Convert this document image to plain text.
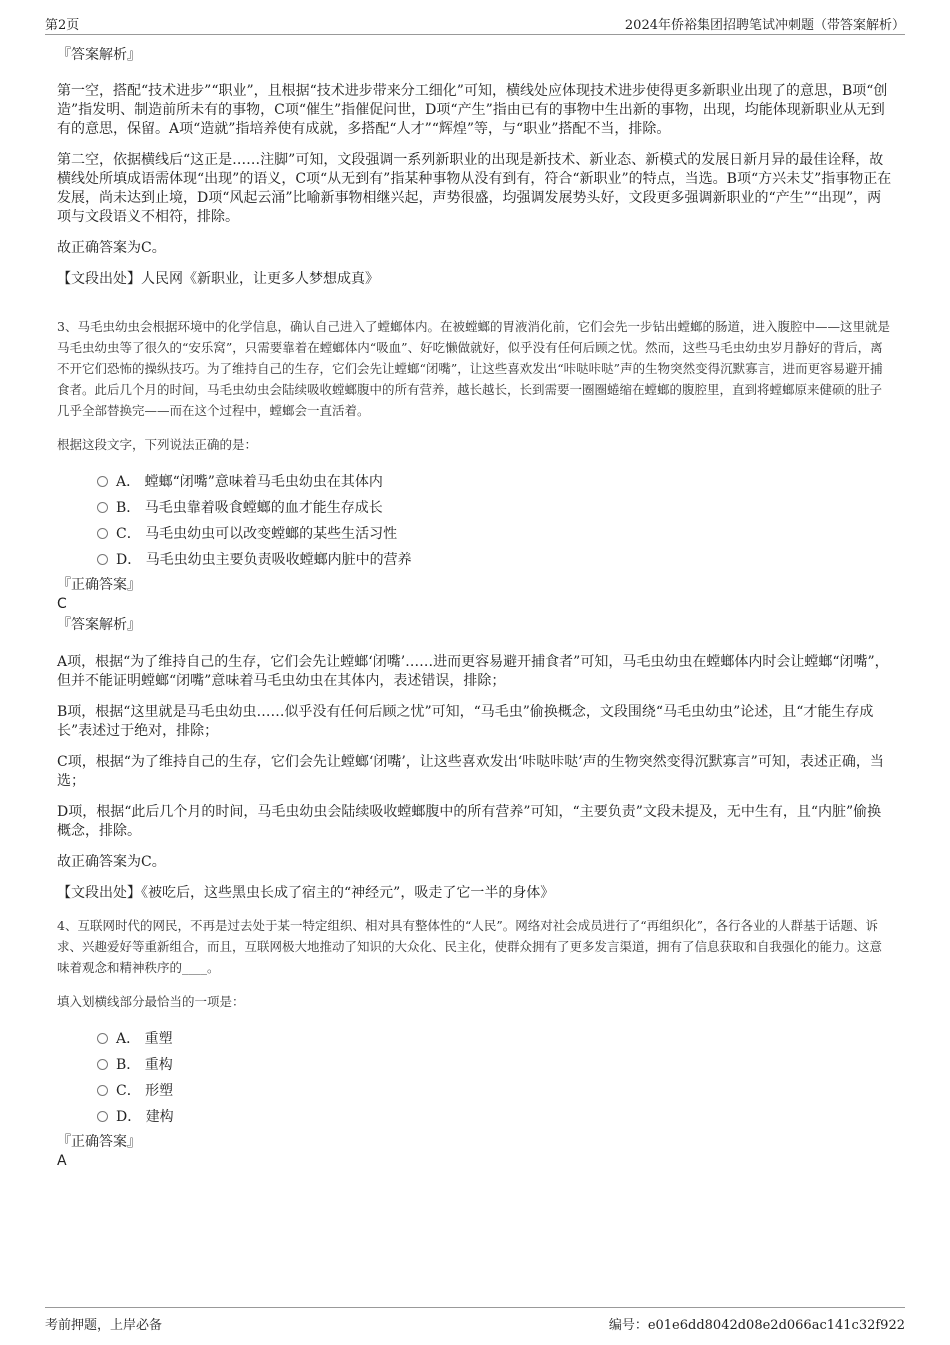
第2页	2024年侨裕集团招聘笔试冲刺题（带答案解析）

『答案解析』

第一空，搭配“技术进步”“职业”，且根据“技术进步带来分工细化”可知，横线处应体现技术进步使得更多新职业出现了的意思，B项“创造”指发明、制造前所未有的事物，C项“催生”指催促问世，D项“产生”指由已有的事物中生出新的事物，出现，均能体现新职业从无到有的意思，保留。A项“造就”指培养使有成就，多搭配“人才”“辉煌”等，与“职业”搭配不当，排除。

第二空，依据横线后“这正是……注脚”可知，文段强调一系列新职业的出现是新技术、新业态、新模式的发展日新月异的最佳诠释，故横线处所填成语需体现“出现”的语义，C项“从无到有”指某种事物从没有到有，符合“新职业”的特点，当选。B项“方兴未艾”指事物正在发展，尚未达到止境，D项“风起云涌”比喻新事物相继兴起，声势很盛，均强调发展势头好，文段更多强调新职业的“产生”“出现”，两项与文段语义不相符，排除。

故正确答案为C。

【文段出处】人民网《新职业，让更多人梦想成真》

3、马毛虫幼虫会根据环境中的化学信息，确认自己进入了螳螂体内。在被螳螂的胃液消化前，它们会先一步钻出螳螂的肠道，进入腹腔中——这里就是马毛虫幼虫等了很久的“安乐窝”，只需要靠着在螳螂体内“吸血”、好吃懒做就好，似乎没有任何后顾之忧。然而，这些马毛虫幼虫岁月静好的背后，离不开它们恐怖的操纵技巧。为了维持自己的生存，它们会先让螳螂“闭嘴”，让这些喜欢发出“咔哒咔哒”声的生物突然变得沉默寡言，进而更容易避开捕食者。此后几个月的时间，马毛虫幼虫会陆续吸收螳螂腹中的所有营养，越长越长，长到需要一圈圈蜷缩在螳螂的腹腔里，直到将螳螂原来健硕的肚子几乎全部替换完——而在这个过程中，螳螂会一直活着。

根据这段文字，下列说法正确的是：

A． 螳螂“闭嘴”意味着马毛虫幼虫在其体内
B． 马毛虫靠着吸食螳螂的血才能生存成长
C． 马毛虫幼虫可以改变螳螂的某些生活习性
D． 马毛虫幼虫主要负责吸收螳螂内脏中的营养

『正确答案』

C

『答案解析』

A项，根据“为了维持自己的生存，它们会先让螳螂‘闭嘴’……进而更容易避开捕食者”可知，马毛虫幼虫在螳螂体内时会让螳螂“闭嘴”，但并不能证明螳螂“闭嘴”意味着马毛虫幼虫在其体内，表述错误，排除；

B项，根据“这里就是马毛虫幼虫……似乎没有任何后顾之忧”可知，“马毛虫”偷换概念，文段围绕“马毛虫幼虫”论述，且“才能生存成长”表述过于绝对，排除；

C项，根据“为了维持自己的生存，它们会先让螳螂‘闭嘴’，让这些喜欢发出‘咔哒咔哒’声的生物突然变得沉默寡言”可知，表述正确，当选；

D项，根据“此后几个月的时间，马毛虫幼虫会陆续吸收螳螂腹中的所有营养”可知，“主要负责”文段未提及，无中生有，且“内脏”偷换概念，排除。

故正确答案为C。

【文段出处】《被吃后，这些黑虫长成了宿主的“神经元”，吸走了它一半的身体》

4、互联网时代的网民，不再是过去处于某一特定组织、相对具有整体性的“人民”。网络对社会成员进行了“再组织化”，各行各业的人群基于话题、诉求、兴趣爱好等重新组合，而且，互联网极大地推动了知识的大众化、民主化，使群众拥有了更多发言渠道，拥有了信息获取和自我强化的能力。这意味着观念和精神秩序的____。

填入划横线部分最恰当的一项是：

A． 重塑
B． 重构
C． 形塑
D． 建构

『正确答案』

A

考前押题，上岸必备	编号：e01e6dd8042d08e2d066ac141c32f922
